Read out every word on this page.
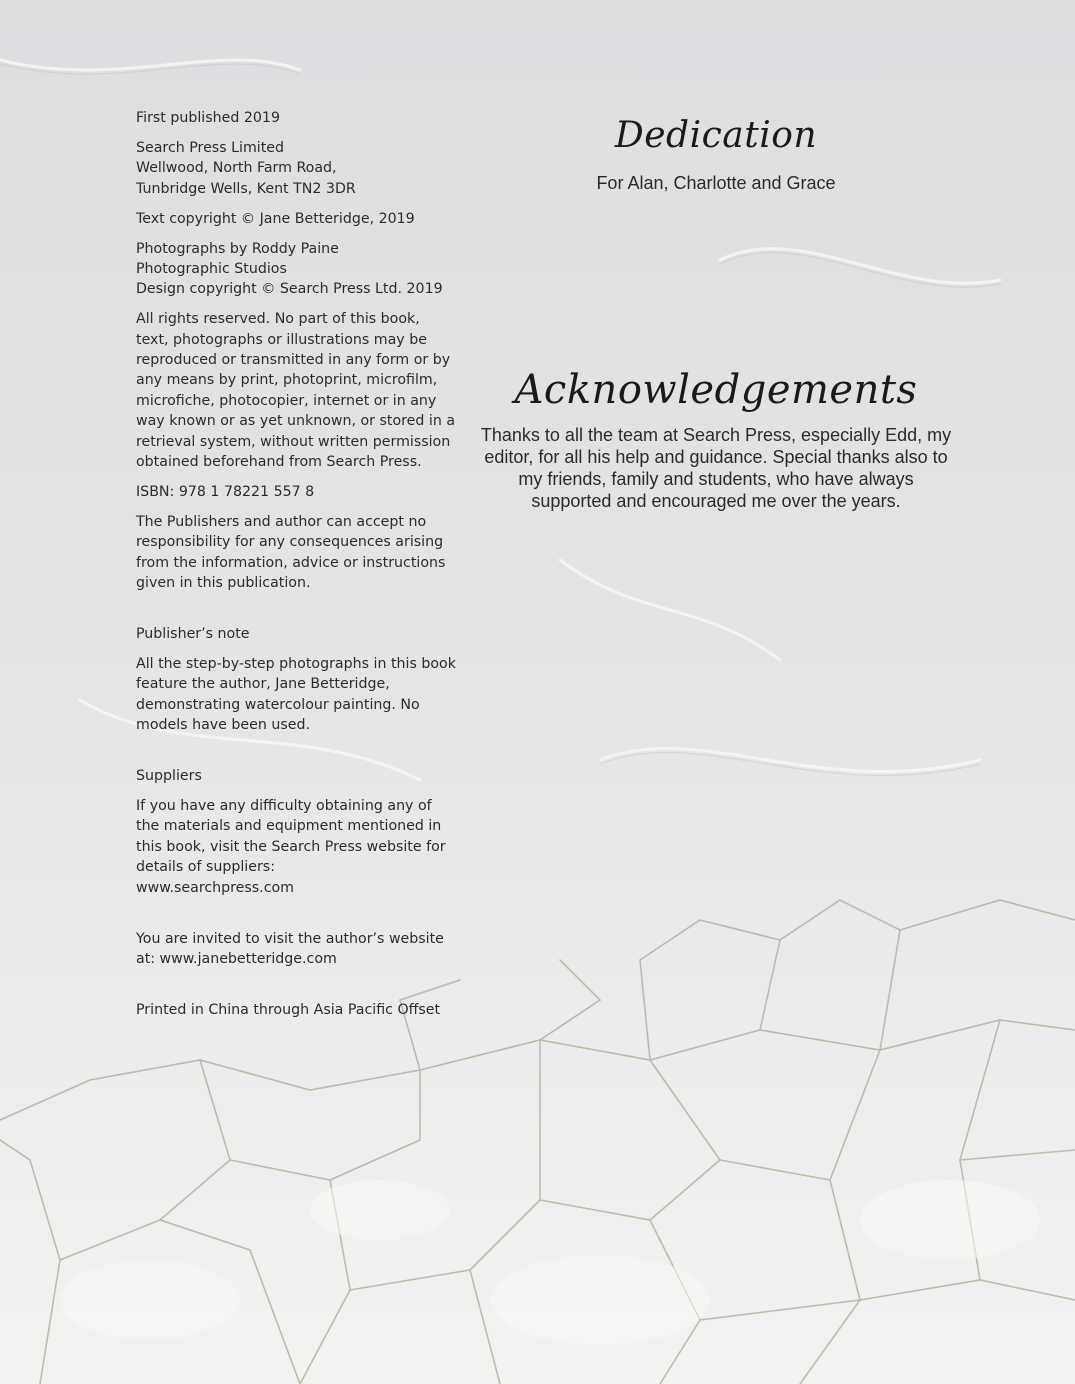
First published 2019

Search Press Limited
Wellwood, North Farm Road,
Tunbridge Wells, Kent TN2 3DR

Text copyright © Jane Betteridge, 2019

Photographs by Roddy Paine
Photographic Studios
Design copyright © Search Press Ltd. 2019

All rights reserved. No part of this book, text, photographs or illustrations may be reproduced or transmitted in any form or by any means by print, photoprint, microfilm, microfiche, photocopier, internet or in any way known or as yet unknown, or stored in a retrieval system, without written permission obtained beforehand from Search Press.

ISBN: 978 1 78221 557 8

The Publishers and author can accept no responsibility for any consequences arising from the information, advice or instructions given in this publication.

Publisher’s note

All the step-by-step photographs in this book feature the author, Jane Betteridge, demonstrating watercolour painting. No models have been used.

Suppliers

If you have any difficulty obtaining any of the materials and equipment mentioned in this book, visit the Search Press website for details of suppliers:
www.searchpress.com

You are invited to visit the author’s website at: www.janebetteridge.com

Printed in China through Asia Pacific Offset

Dedication
For Alan, Charlotte and Grace
Acknowledgements
Thanks to all the team at Search Press, especially Edd, my editor, for all his help and guidance. Special thanks also to my friends, family and students, who have always supported and encouraged me over the years.
